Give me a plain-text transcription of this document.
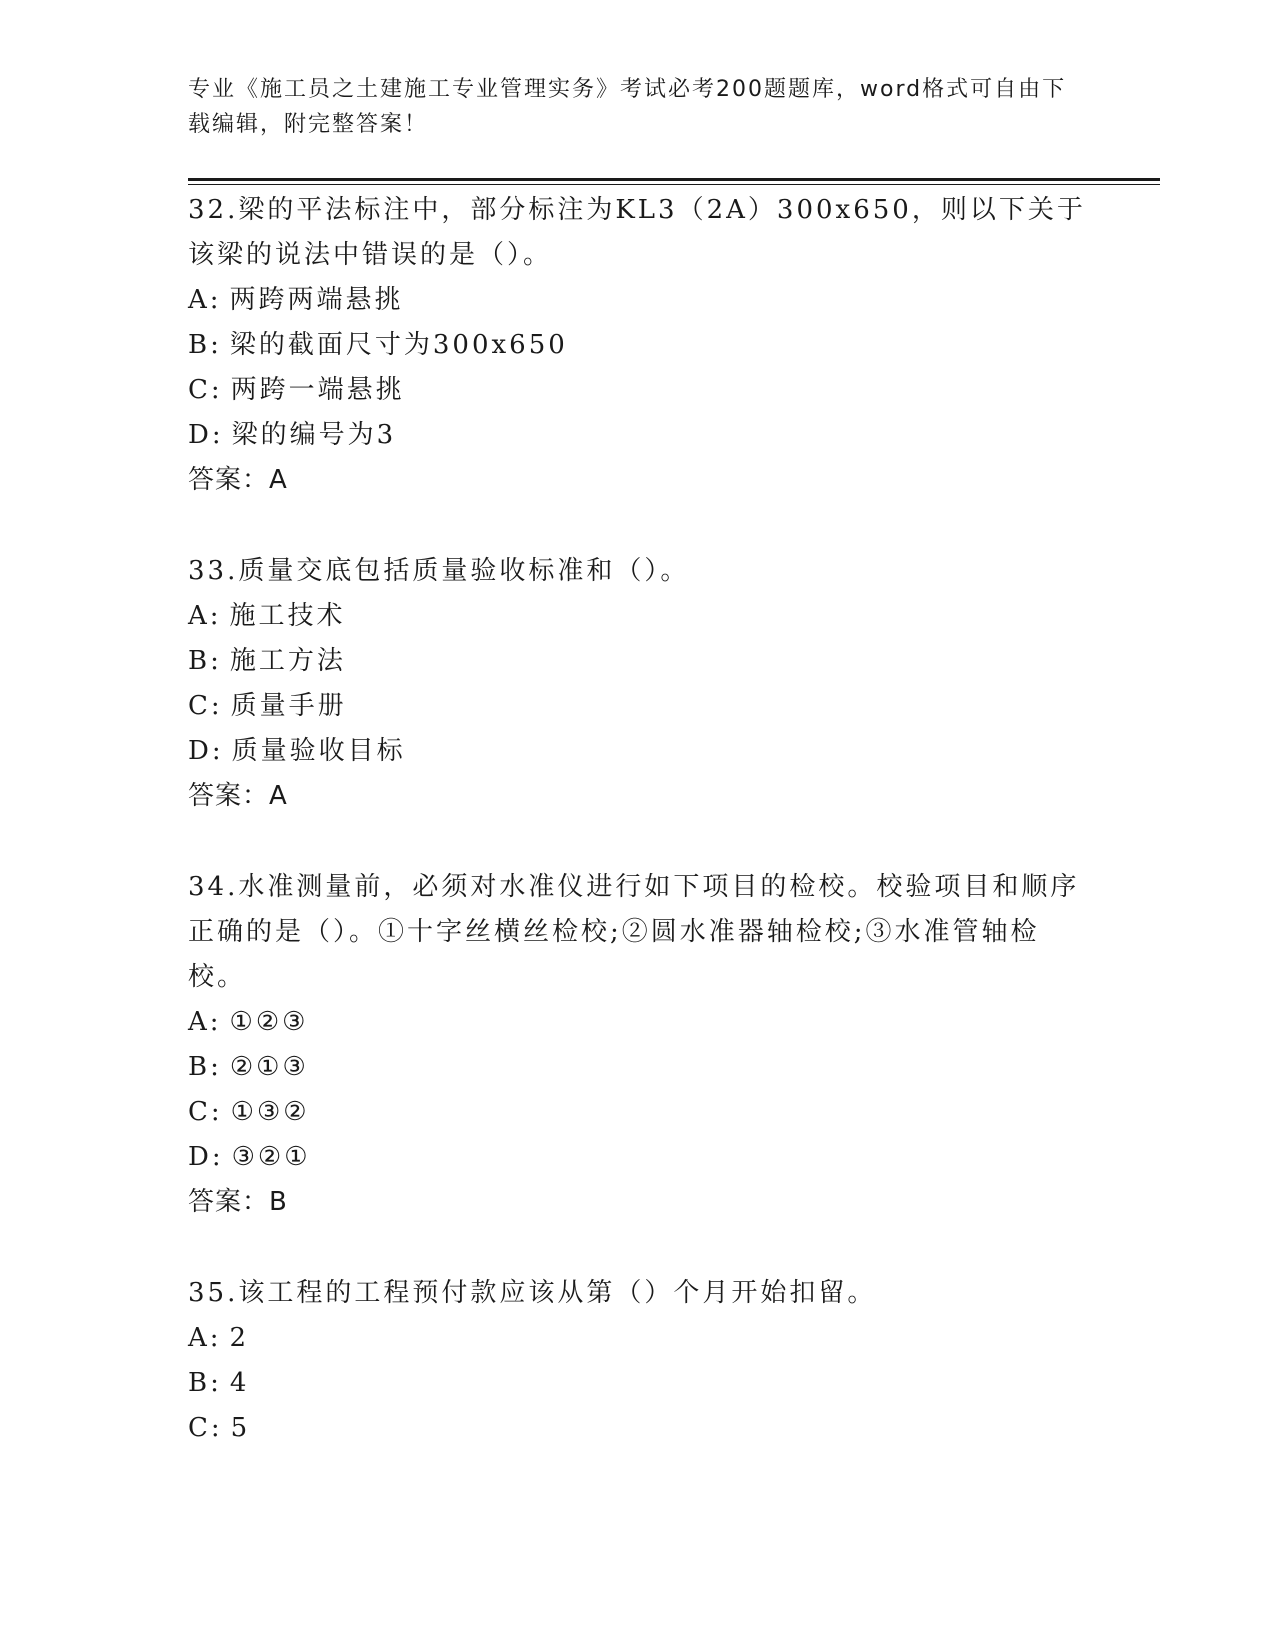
专业《施工员之土建施工专业管理实务》考试必考200题题库，word格式可自由下载编辑，附完整答案！

32.梁的平法标注中，部分标注为KL3（2A）300x650，则以下关于该梁的说法中错误的是（）。

A: 两跨两端悬挑

B: 梁的截面尺寸为300x650

C: 两跨一端悬挑

D: 梁的编号为3

答案：A

33.质量交底包括质量验收标准和（）。

A: 施工技术

B: 施工方法

C: 质量手册

D: 质量验收目标

答案：A

34.水准测量前，必须对水准仪进行如下项目的检校。校验项目和顺序正确的是（）。①十字丝横丝检校;②圆水准器轴检校;③水准管轴检校。

A: ①②③

B: ②①③

C: ①③②

D: ③②①

答案：B

35.该工程的工程预付款应该从第（）个月开始扣留。

A: 2

B: 4

C: 5
